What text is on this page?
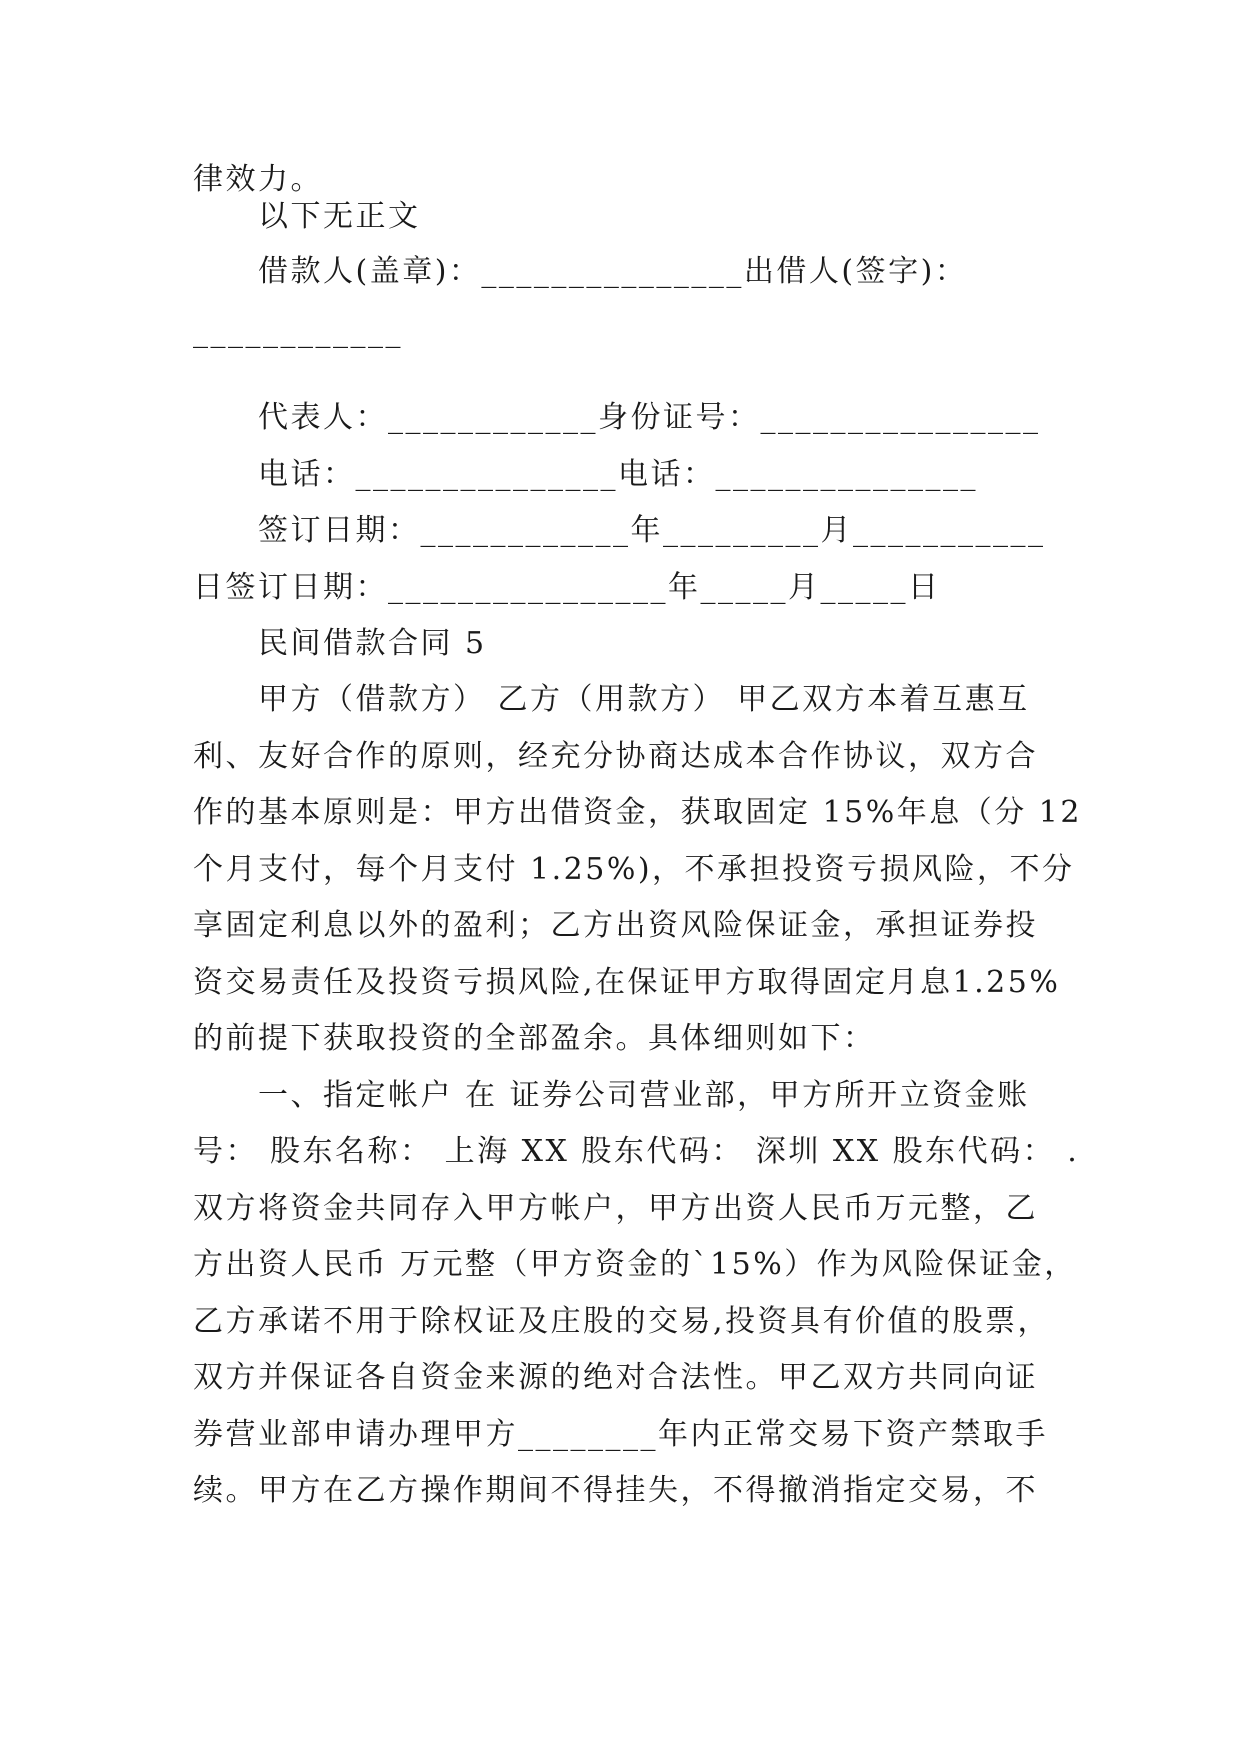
律效力。
以下无正文
借款人(盖章)：_______________出借人(签字)：
____________
代表人：____________身份证号：________________
电话：_______________电话：_______________
签订日期：____________年_________月___________
日签订日期：________________年_____月_____日
民间借款合同 5
甲方（借款方） 乙方（用款方） 甲乙双方本着互惠互
利、友好合作的原则，经充分协商达成本合作协议，双方合
作的基本原则是：甲方出借资金，获取固定 15%年息（分 12
个月支付，每个月支付 1.25%)，不承担投资亏损风险，不分
享固定利息以外的盈利；乙方出资风险保证金，承担证券投
资交易责任及投资亏损风险,在保证甲方取得固定月息1.25%
的前提下获取投资的全部盈余。具体细则如下：
一、指定帐户 在 证券公司营业部，甲方所开立资金账
号： 股东名称： 上海 XX 股东代码： 深圳 XX 股东代码： .
双方将资金共同存入甲方帐户，甲方出资人民币万元整，乙
方出资人民币 万元整（甲方资金的`15%）作为风险保证金，
乙方承诺不用于除权证及庄股的交易,投资具有价值的股票，
双方并保证各自资金来源的绝对合法性。甲乙双方共同向证
券营业部申请办理甲方________年内正常交易下资产禁取手
续。甲方在乙方操作期间不得挂失，不得撤消指定交易，不
